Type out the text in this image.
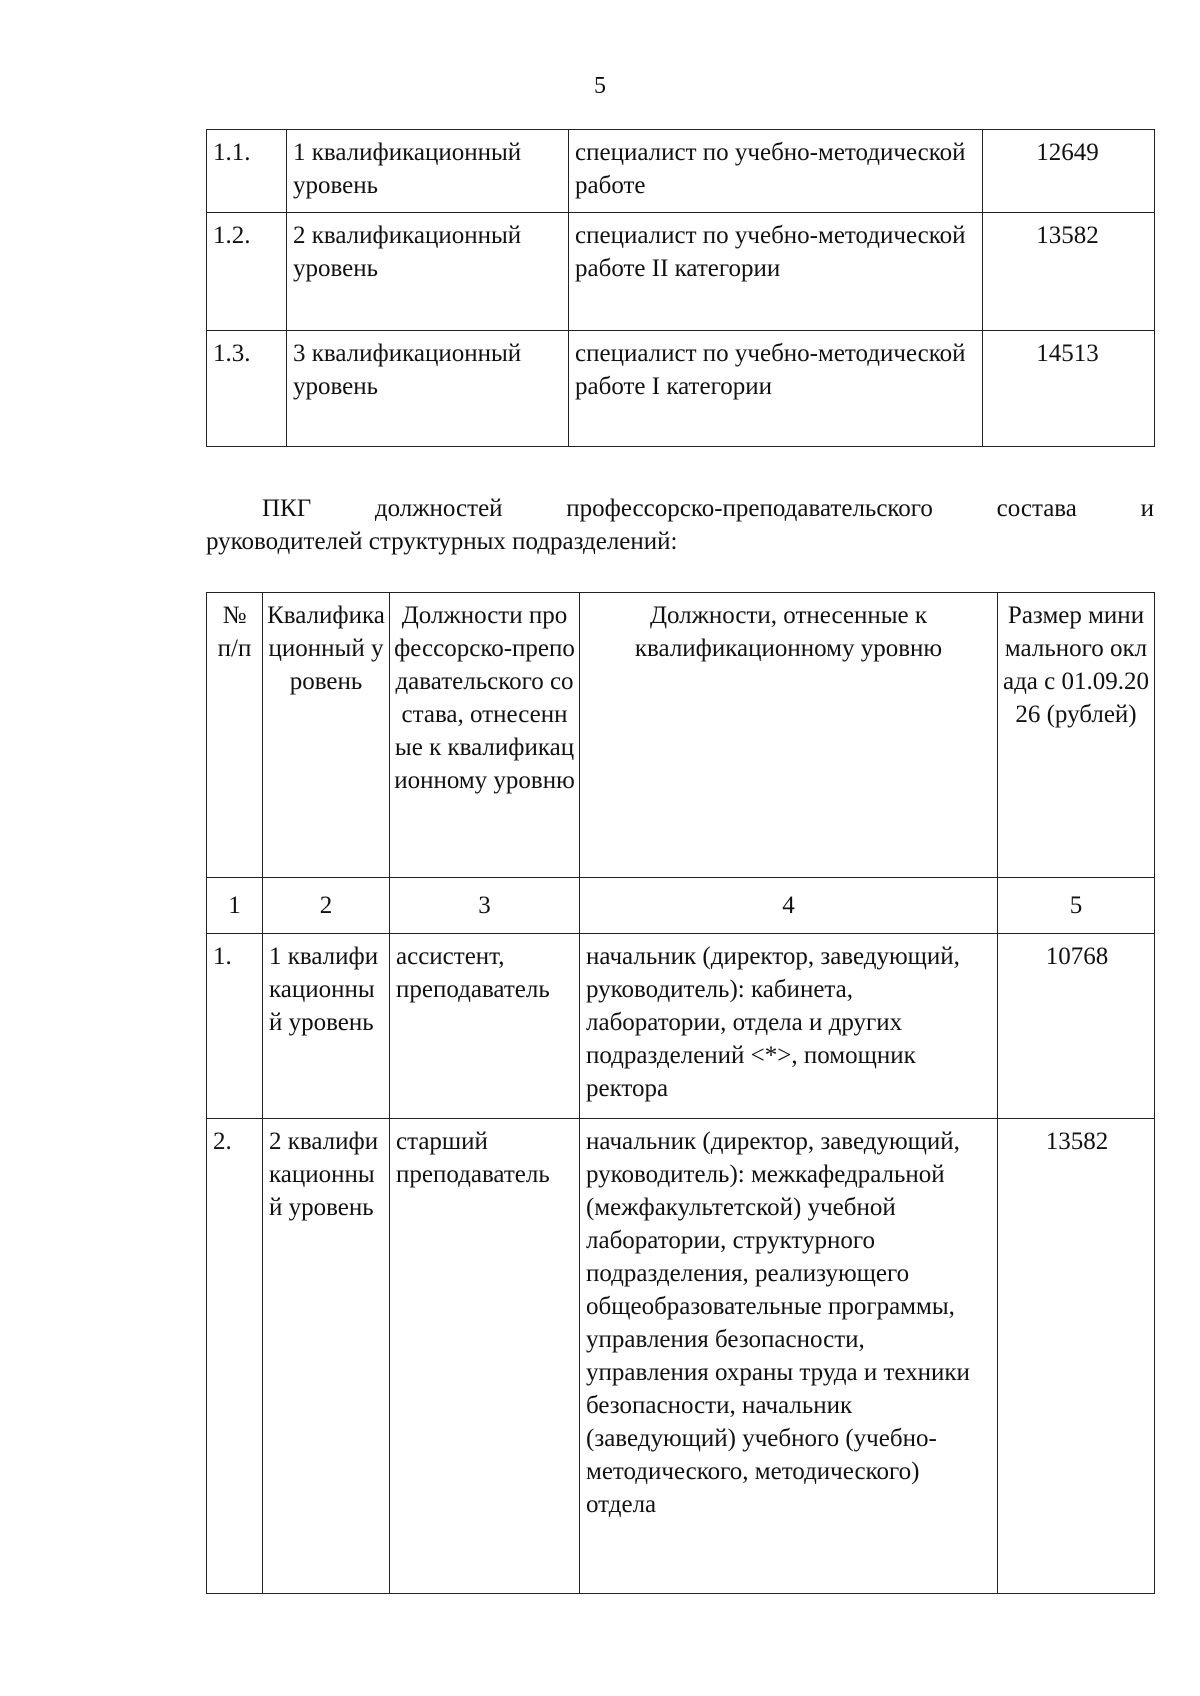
5
1.1.	1 квалификационный уровень	специалист по учебно-методической работе	12649
1.2.	2 квалификационный уровень	специалист по учебно-методической работе II категории	13582
1.3.	3 квалификационный уровень	специалист по учебно-методической работе I категории	14513
ПКГ	должностей	профессорско-преподавательского	состава	и
руководителей структурных подразделений:
№ п/п	Квалификационный уровень	Должности профессорско-преподавательского состава, отнесенные к квалификационному уровню	Должности, отнесенные к квалификационному уровню	Размер минимального оклада с 01.09.2026 (рублей)
1	2	3	4	5
1.	1 квалификационный уровень	ассистент, преподаватель	начальник (директор, заведующий, руководитель): кабинета, лаборатории, отдела и других подразделений <*>, помощник ректора	10768
2.	2 квалификационный уровень	старший преподаватель	начальник (директор, заведующий, руководитель): межкафедральной (межфакультетской) учебной лаборатории, структурного подразделения, реализующего общеобразовательные программы, управления безопасности, управления охраны труда и техники безопасности, начальник (заведующий) учебного (учебно-методического, методического) отдела	13582
